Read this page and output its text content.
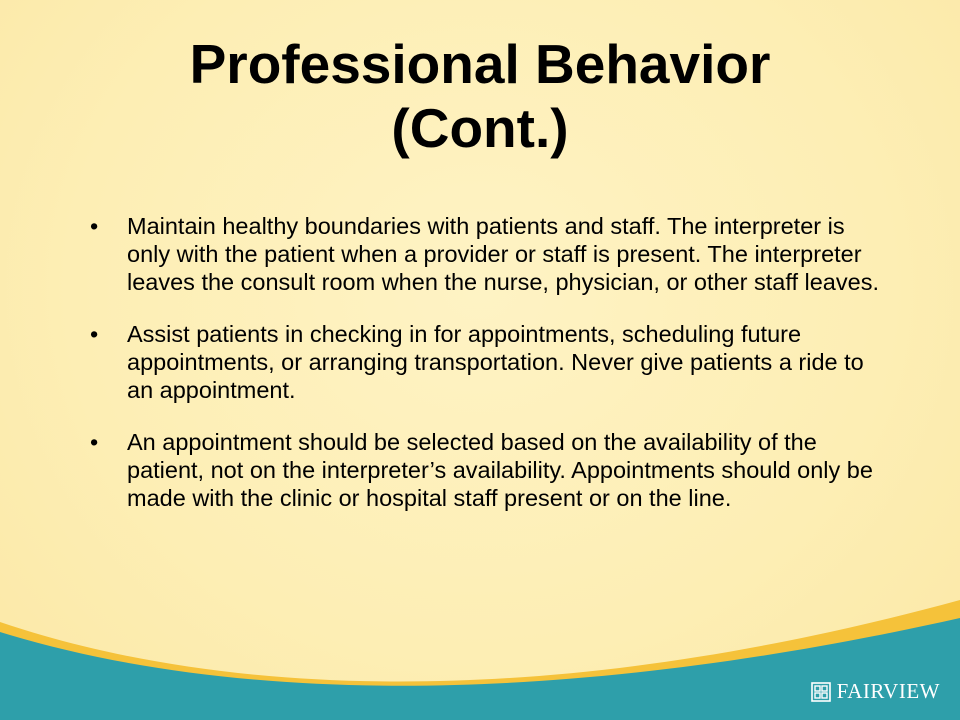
Professional Behavior
(Cont.)
• Maintain healthy boundaries with patients and staff. The interpreter is only with the patient when a provider or staff is present. The interpreter leaves the consult room when the nurse, physician, or other staff leaves.
• Assist patients in checking in for appointments, scheduling future appointments, or arranging transportation. Never give patients a ride to an appointment.
• An appointment should be selected based on the availability of the patient, not on the interpreter’s availability. Appointments should only be made with the clinic or hospital staff present or on the line.
FAIRVIEW
